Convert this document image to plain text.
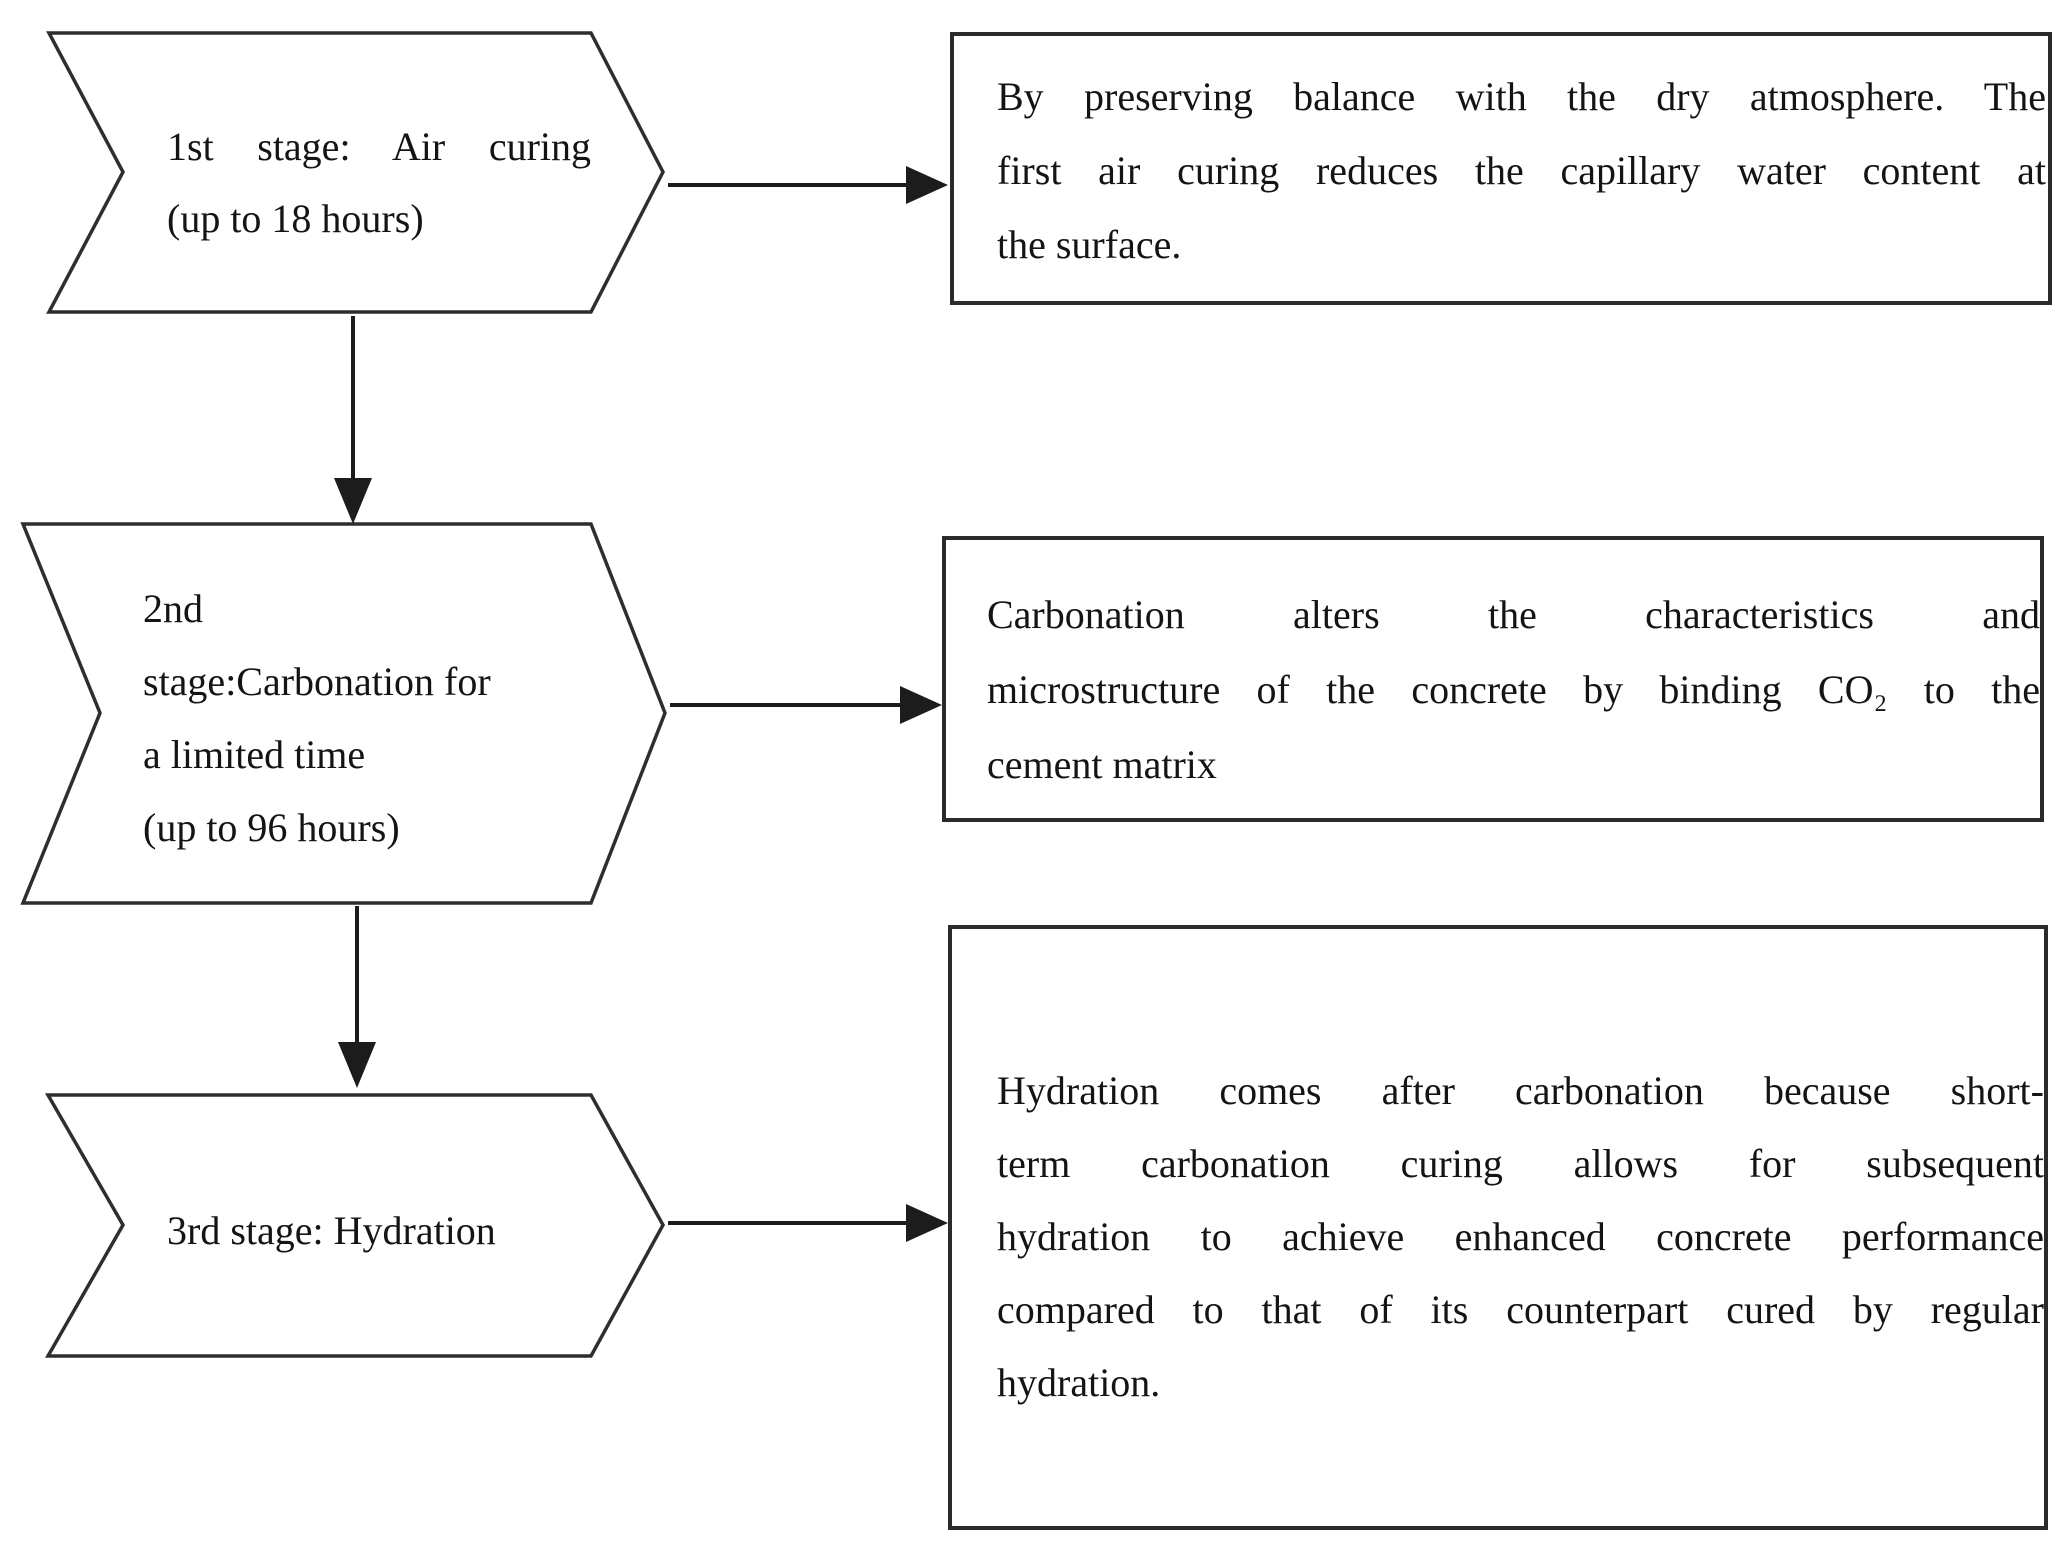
1st stage: Air curing
(up to 18 hours)
2nd
stage:Carbonation for
a limited time
(up to 96 hours)
3rd stage: Hydration
By preserving balance with the dry atmosphere. The
first air curing reduces the capillary water content at
the surface.
Carbonation alters the characteristics and
microstructure of the concrete by binding CO₂ to the
cement matrix
Hydration comes after carbonation because short-
term carbonation curing allows for subsequent
hydration to achieve enhanced concrete performance
compared to that of its counterpart cured by regular
hydration.
